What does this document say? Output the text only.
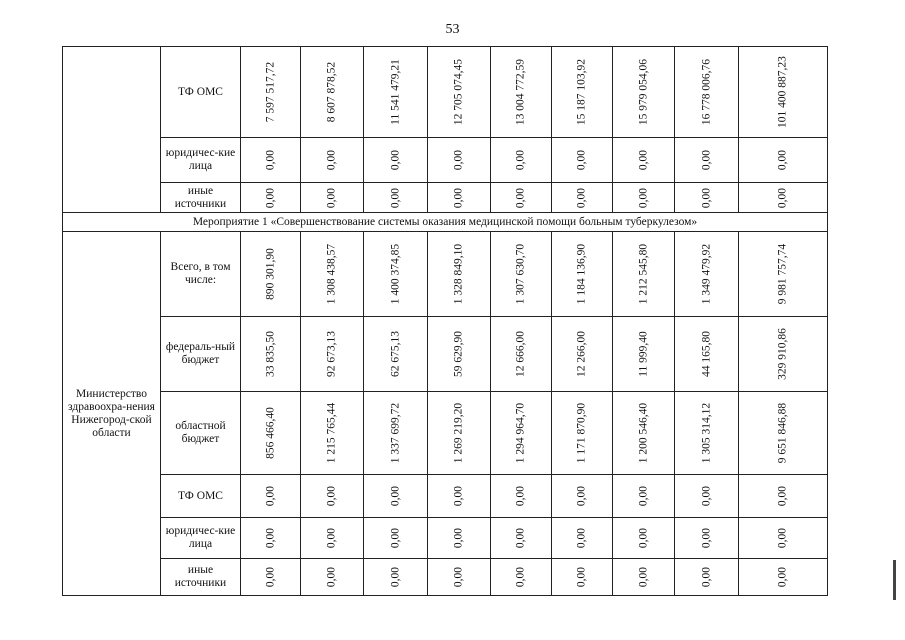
53
	ТФ ОМС	7 597 517,72	8 607 878,52	11 541 479,21	12 705 074,45	13 004 772,59	15 187 103,92	15 979 054,06	16 778 006,76	101 400 887,23

	юридичес-кие лица	0,00	0,00	0,00	0,00	0,00	0,00	0,00	0,00	0,00

	иные источники	0,00	0,00	0,00	0,00	0,00	0,00	0,00	0,00	0,00

Мероприятие 1 «Совершенствование системы оказания медицинской помощи больным туберкулезом»										
Министерство здравоохра-нения Нижегород-ской области	Всего, в том числе:	890 301,90	1 308 438,57	1 400 374,85	1 328 849,10	1 307 630,70	1 184 136,90	1 212 545,80	1 349 479,92	9 981 757,74

	федераль-ный бюджет	33 835,50	92 673,13	62 675,13	59 629,90	12 666,00	12 266,00	11 999,40	44 165,80	329 910,86

	областной бюджет	856 466,40	1 215 765,44	1 337 699,72	1 269 219,20	1 294 964,70	1 171 870,90	1 200 546,40	1 305 314,12	9 651 846,88

	ТФ ОМС	0,00	0,00	0,00	0,00	0,00	0,00	0,00	0,00	0,00

	юридичес-кие лица	0,00	0,00	0,00	0,00	0,00	0,00	0,00	0,00	0,00

	иные источники	0,00	0,00	0,00	0,00	0,00	0,00	0,00	0,00	0,00
